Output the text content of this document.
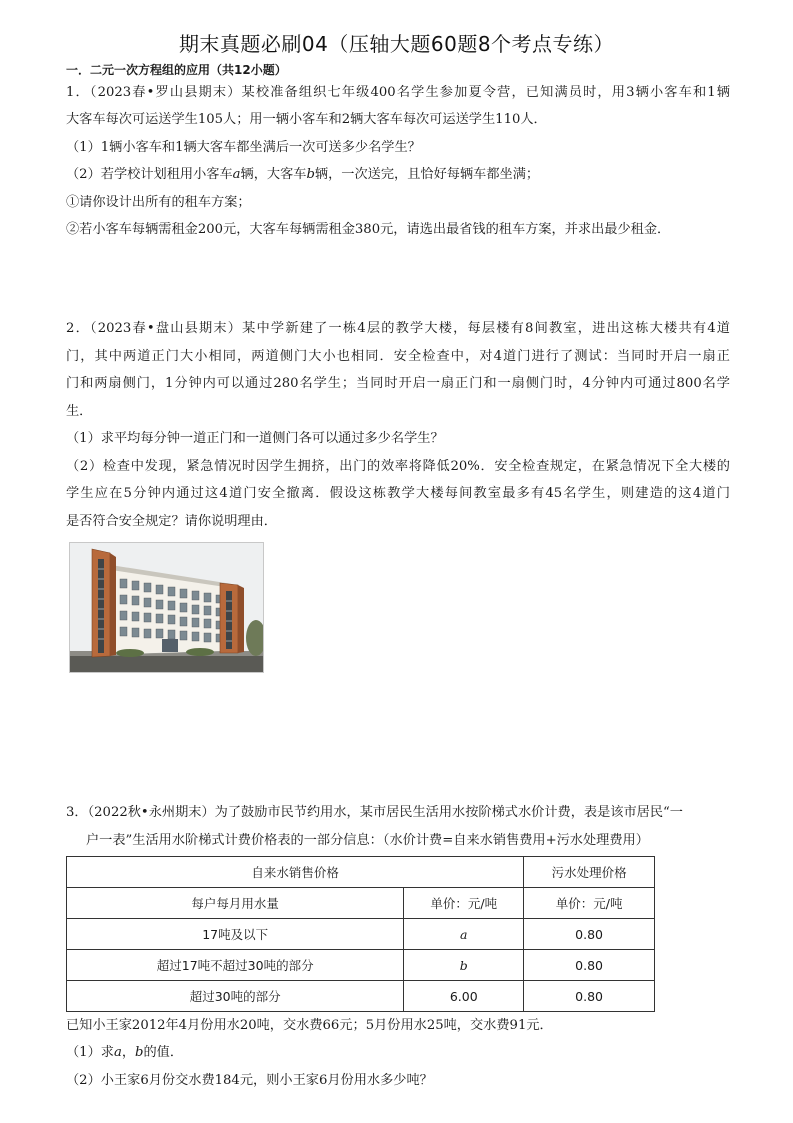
期末真题必刷04（压轴大题60题8个考点专练）
一．二元一次方程组的应用（共12小题）
1．（2023春•罗山县期末）某校准备组织七年级400名学生参加夏令营，已知满员时，用3辆小客车和1辆
大客车每次可运送学生105人；用一辆小客车和2辆大客车每次可运送学生110人．
（1）1辆小客车和1辆大客车都坐满后一次可送多少名学生？
（2）若学校计划租用小客车a辆，大客车b辆，一次送完，且恰好每辆车都坐满；
①请你设计出所有的租车方案；
②若小客车每辆需租金200元，大客车每辆需租金380元，请选出最省钱的租车方案，并求出最少租金．
2．（2023春•盘山县期末）某中学新建了一栋4层的教学大楼，每层楼有8间教室，进出这栋大楼共有4道
门，其中两道正门大小相同，两道侧门大小也相同．安全检查中，对4道门进行了测试：当同时开启一扇正
门和两扇侧门，1分钟内可以通过280名学生；当同时开启一扇正门和一扇侧门时，4分钟内可通过800名学
生．
（1）求平均每分钟一道正门和一道侧门各可以通过多少名学生？
（2）检查中发现，紧急情况时因学生拥挤，出门的效率将降低20%．安全检查规定，在紧急情况下全大楼的
学生应在5分钟内通过这4道门安全撤离．假设这栋教学大楼每间教室最多有45名学生，则建造的这4道门
是否符合安全规定？请你说明理由．
3．（2022秋•永州期末）为了鼓励市民节约用水，某市居民生活用水按阶梯式水价计费，表是该市居民“一
户一表”生活用水阶梯式计费价格表的一部分信息：（水价计费=自来水销售费用+污水处理费用）
自来水销售价格		污水处理价格
每户每月用水量	单价：元/吨	单价：元/吨
17吨及以下	a	0.80
超过17吨不超过30吨的部分	b	0.80
超过30吨的部分	6.00	0.80
已知小王家2012年4月份用水20吨，交水费66元；5月份用水25吨，交水费91元．
（1）求a，b的值．
（2）小王家6月份交水费184元，则小王家6月份用水多少吨？
